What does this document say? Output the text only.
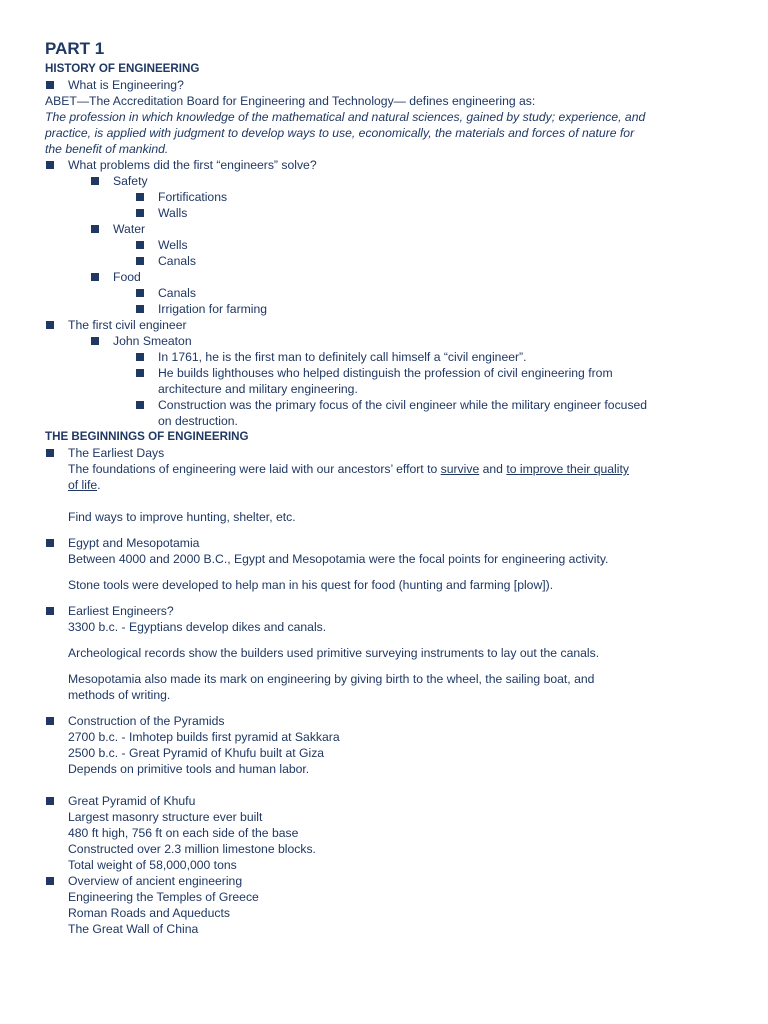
PART 1
HISTORY OF ENGINEERING
What is Engineering?
ABET—The Accreditation Board for Engineering and Technology— defines engineering as:
The profession in which knowledge of the mathematical and natural sciences, gained by study; experience, and
practice, is applied with judgment to develop ways to use, economically, the materials and forces of nature for
the benefit of mankind.
What problems did the first “engineers” solve?
Safety
Fortifications
Walls
Water
Wells
Canals
Food
Canals
Irrigation for farming
The first civil engineer
John Smeaton
In 1761, he is the first man to definitely call himself a “civil engineer”.
He builds lighthouses who helped distinguish the profession of civil engineering from
architecture and military engineering.
Construction was the primary focus of the civil engineer while the military engineer focused
on destruction.
THE BEGINNINGS OF ENGINEERING
The Earliest Days
The foundations of engineering were laid with our ancestors’ effort to survive and to improve their quality
of life.
Find ways to improve hunting, shelter, etc.
Egypt and Mesopotamia
Between 4000 and 2000 B.C., Egypt and Mesopotamia were the focal points for engineering activity.
Stone tools were developed to help man in his quest for food (hunting and farming [plow]).
Earliest Engineers?
3300 b.c. - Egyptians develop dikes and canals.
Archeological records show the builders used primitive surveying instruments to lay out the canals.
Mesopotamia also made its mark on engineering by giving birth to the wheel, the sailing boat, and
methods of writing.
Construction of the Pyramids
2700 b.c. - Imhotep builds first pyramid at Sakkara
2500 b.c. - Great Pyramid of Khufu built at Giza
Depends on primitive tools and human labor.
Great Pyramid of Khufu
Largest masonry structure ever built
480 ft high, 756 ft on each side of the base
Constructed over 2.3 million limestone blocks.
Total weight of 58,000,000 tons
Overview of ancient engineering
Engineering the Temples of Greece
Roman Roads and Aqueducts
The Great Wall of China
